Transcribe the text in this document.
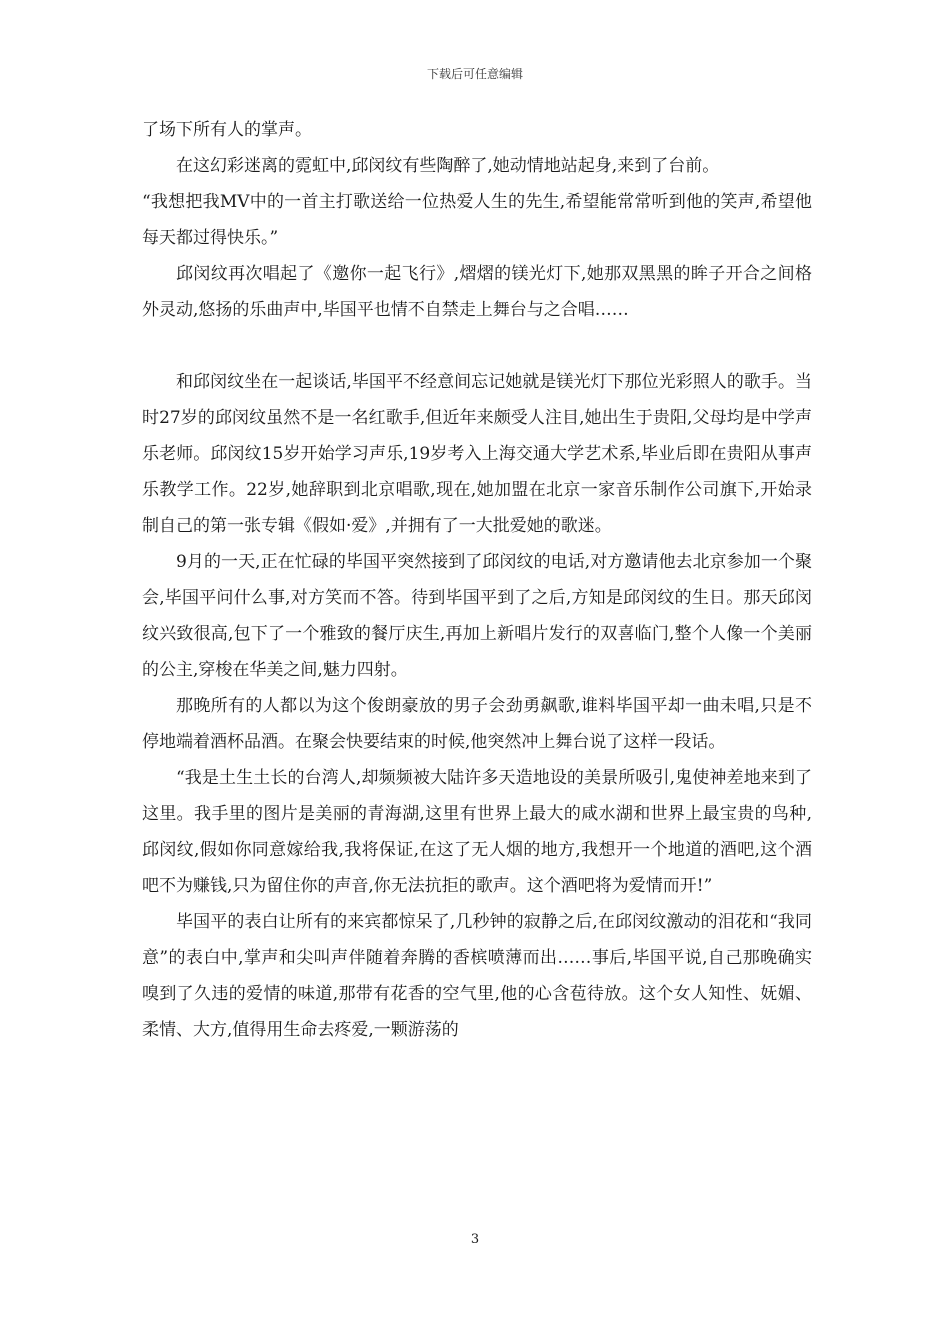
下载后可任意编辑

了场下所有人的掌声。

在这幻彩迷离的霓虹中,邱闵纹有些陶醉了,她动情地站起身,来到了台前。

“我想把我MV中的一首主打歌送给一位热爱人生的先生,希望能常常听到他的笑声,希望他每天都过得快乐。”

邱闵纹再次唱起了《邀你一起飞行》,熠熠的镁光灯下,她那双黑黑的眸子开合之间格外灵动,悠扬的乐曲声中,毕国平也情不自禁走上舞台与之合唱……

和邱闵纹坐在一起谈话,毕国平不经意间忘记她就是镁光灯下那位光彩照人的歌手。当时27岁的邱闵纹虽然不是一名红歌手,但近年来颇受人注目,她出生于贵阳,父母均是中学声乐老师。邱闵纹15岁开始学习声乐,19岁考入上海交通大学艺术系,毕业后即在贵阳从事声乐教学工作。22岁,她辞职到北京唱歌,现在,她加盟在北京一家音乐制作公司旗下,开始录制自己的第一张专辑《假如·爱》,并拥有了一大批爱她的歌迷。

9月的一天,正在忙碌的毕国平突然接到了邱闵纹的电话,对方邀请他去北京参加一个聚会,毕国平问什么事,对方笑而不答。待到毕国平到了之后,方知是邱闵纹的生日。那天邱闵纹兴致很高,包下了一个雅致的餐厅庆生,再加上新唱片发行的双喜临门,整个人像一个美丽的公主,穿梭在华美之间,魅力四射。

那晚所有的人都以为这个俊朗豪放的男子会劲勇飙歌,谁料毕国平却一曲未唱,只是不停地端着酒杯品酒。在聚会快要结束的时候,他突然冲上舞台说了这样一段话。

“我是土生土长的台湾人,却频频被大陆许多天造地设的美景所吸引,鬼使神差地来到了这里。我手里的图片是美丽的青海湖,这里有世界上最大的咸水湖和世界上最宝贵的鸟种,邱闵纹,假如你同意嫁给我,我将保证,在这了无人烟的地方,我想开一个地道的酒吧,这个酒吧不为赚钱,只为留住你的声音,你无法抗拒的歌声。这个酒吧将为爱情而开!”

毕国平的表白让所有的来宾都惊呆了,几秒钟的寂静之后,在邱闵纹激动的泪花和“我同意”的表白中,掌声和尖叫声伴随着奔腾的香槟喷薄而出……事后,毕国平说,自己那晚确实嗅到了久违的爱情的味道,那带有花香的空气里,他的心含苞待放。这个女人知性、妩媚、柔情、大方,值得用生命去疼爱,一颗游荡的

3
